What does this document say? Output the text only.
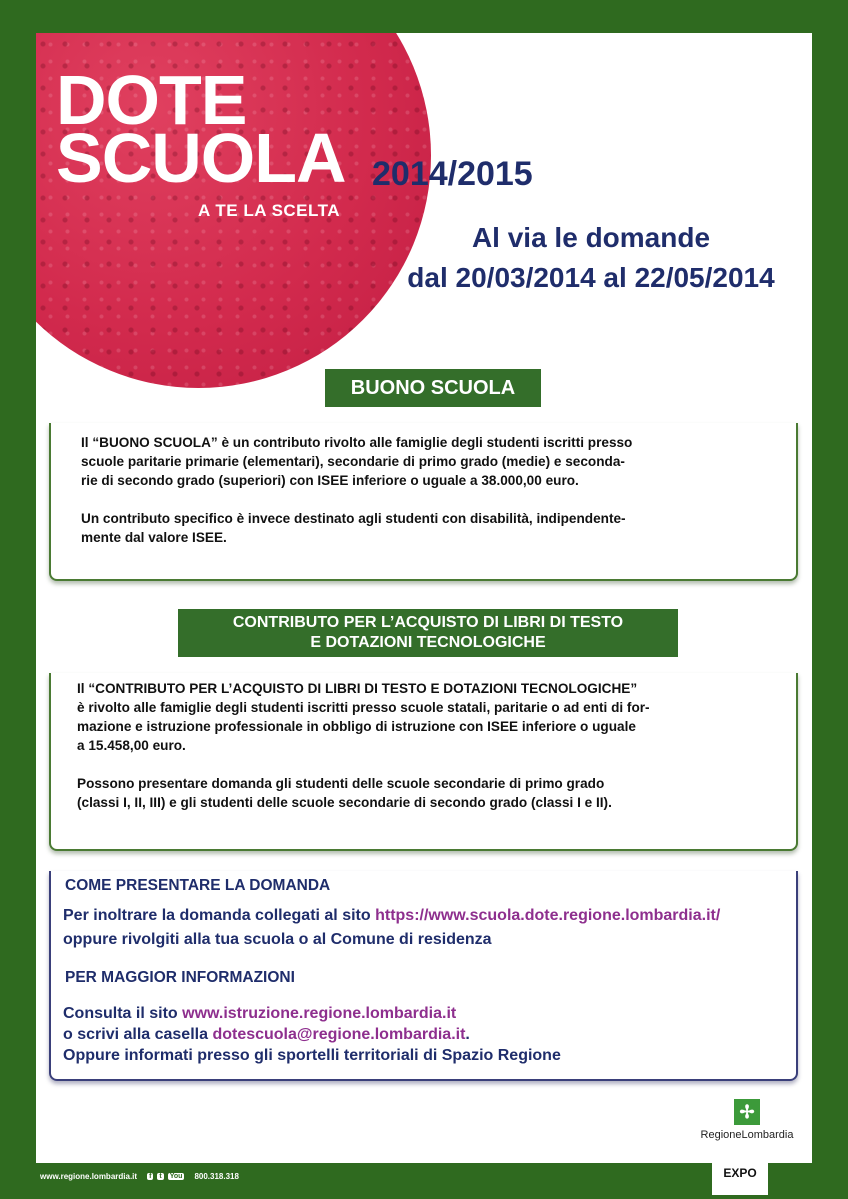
DOTE
SCUOLA
A TE LA SCELTA
2014/2015
Al via le domande
dal 20/03/2014 al 22/05/2014
BUONO SCUOLA

Il “BUONO SCUOLA” è un contributo rivolto alle famiglie degli studenti iscritti presso

scuole paritarie primarie (elementari), secondarie di primo grado (medie) e seconda-

rie di secondo grado (superiori) con ISEE inferiore o uguale a 38.000,00 euro.

Un contributo specifico è invece destinato agli studenti con disabilità, indipendente-

mente dal valore ISEE.

CONTRIBUTO PER L’ACQUISTO DI LIBRI DI TESTO
E DOTAZIONI TECNOLOGICHE

Il “CONTRIBUTO PER L’ACQUISTO DI LIBRI DI TESTO E DOTAZIONI TECNOLOGICHE”

è rivolto alle famiglie degli studenti iscritti presso scuole statali, paritarie o ad enti di for-

mazione e istruzione professionale in obbligo di istruzione con ISEE inferiore o uguale

a 15.458,00 euro.

Possono presentare domanda gli studenti delle scuole secondarie di primo grado

(classi I, II, III) e gli studenti delle scuole secondarie di secondo grado (classi I e II).

COME PRESENTARE LA DOMANDA
Per inoltrare la domanda collegati al sito https://www.scuola.dote.regione.lombardia.it/
oppure rivolgiti alla tua scuola o al Comune di residenza
PER MAGGIOR INFORMAZIONI
Consulta il sito www.istruzione.regione.lombardia.it
o scrivi alla casella dotescuola@regione.lombardia.it.
Oppure informati presso gli sportelli territoriali di Spazio Regione
✢
RegioneLombardia
www.regione.lombardia.it f t You 800.318.318	EXPO
